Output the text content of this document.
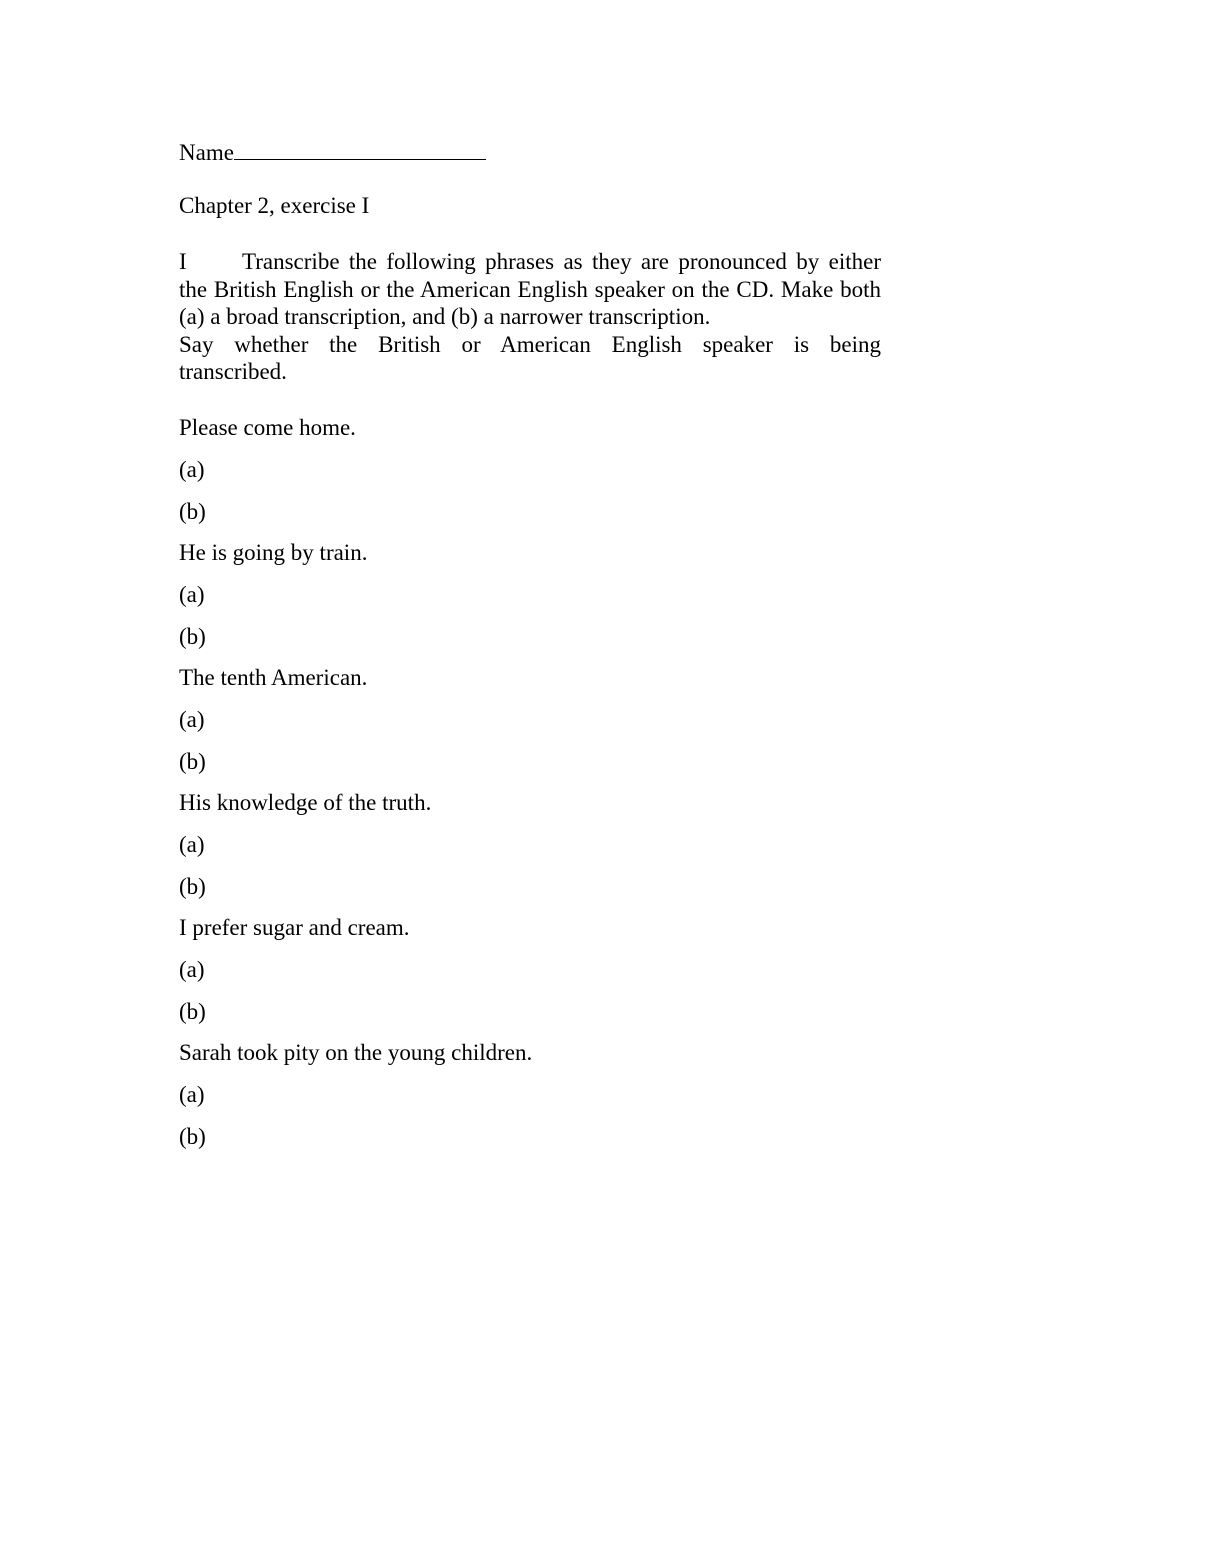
Name
Chapter 2, exercise I

I Transcribe the following phrases as they are pronounced by either the British English or the American English speaker on the CD. Make both (a) a broad transcription, and (b) a narrower transcription.

Say whether the British or American English speaker is being

transcribed.

Please come home.
(a)
(b)
He is going by train.
(a)
(b)
The tenth American.
(a)
(b)
His knowledge of the truth.
(a)
(b)
I prefer sugar and cream.
(a)
(b)
Sarah took pity on the young children.
(a)
(b)
